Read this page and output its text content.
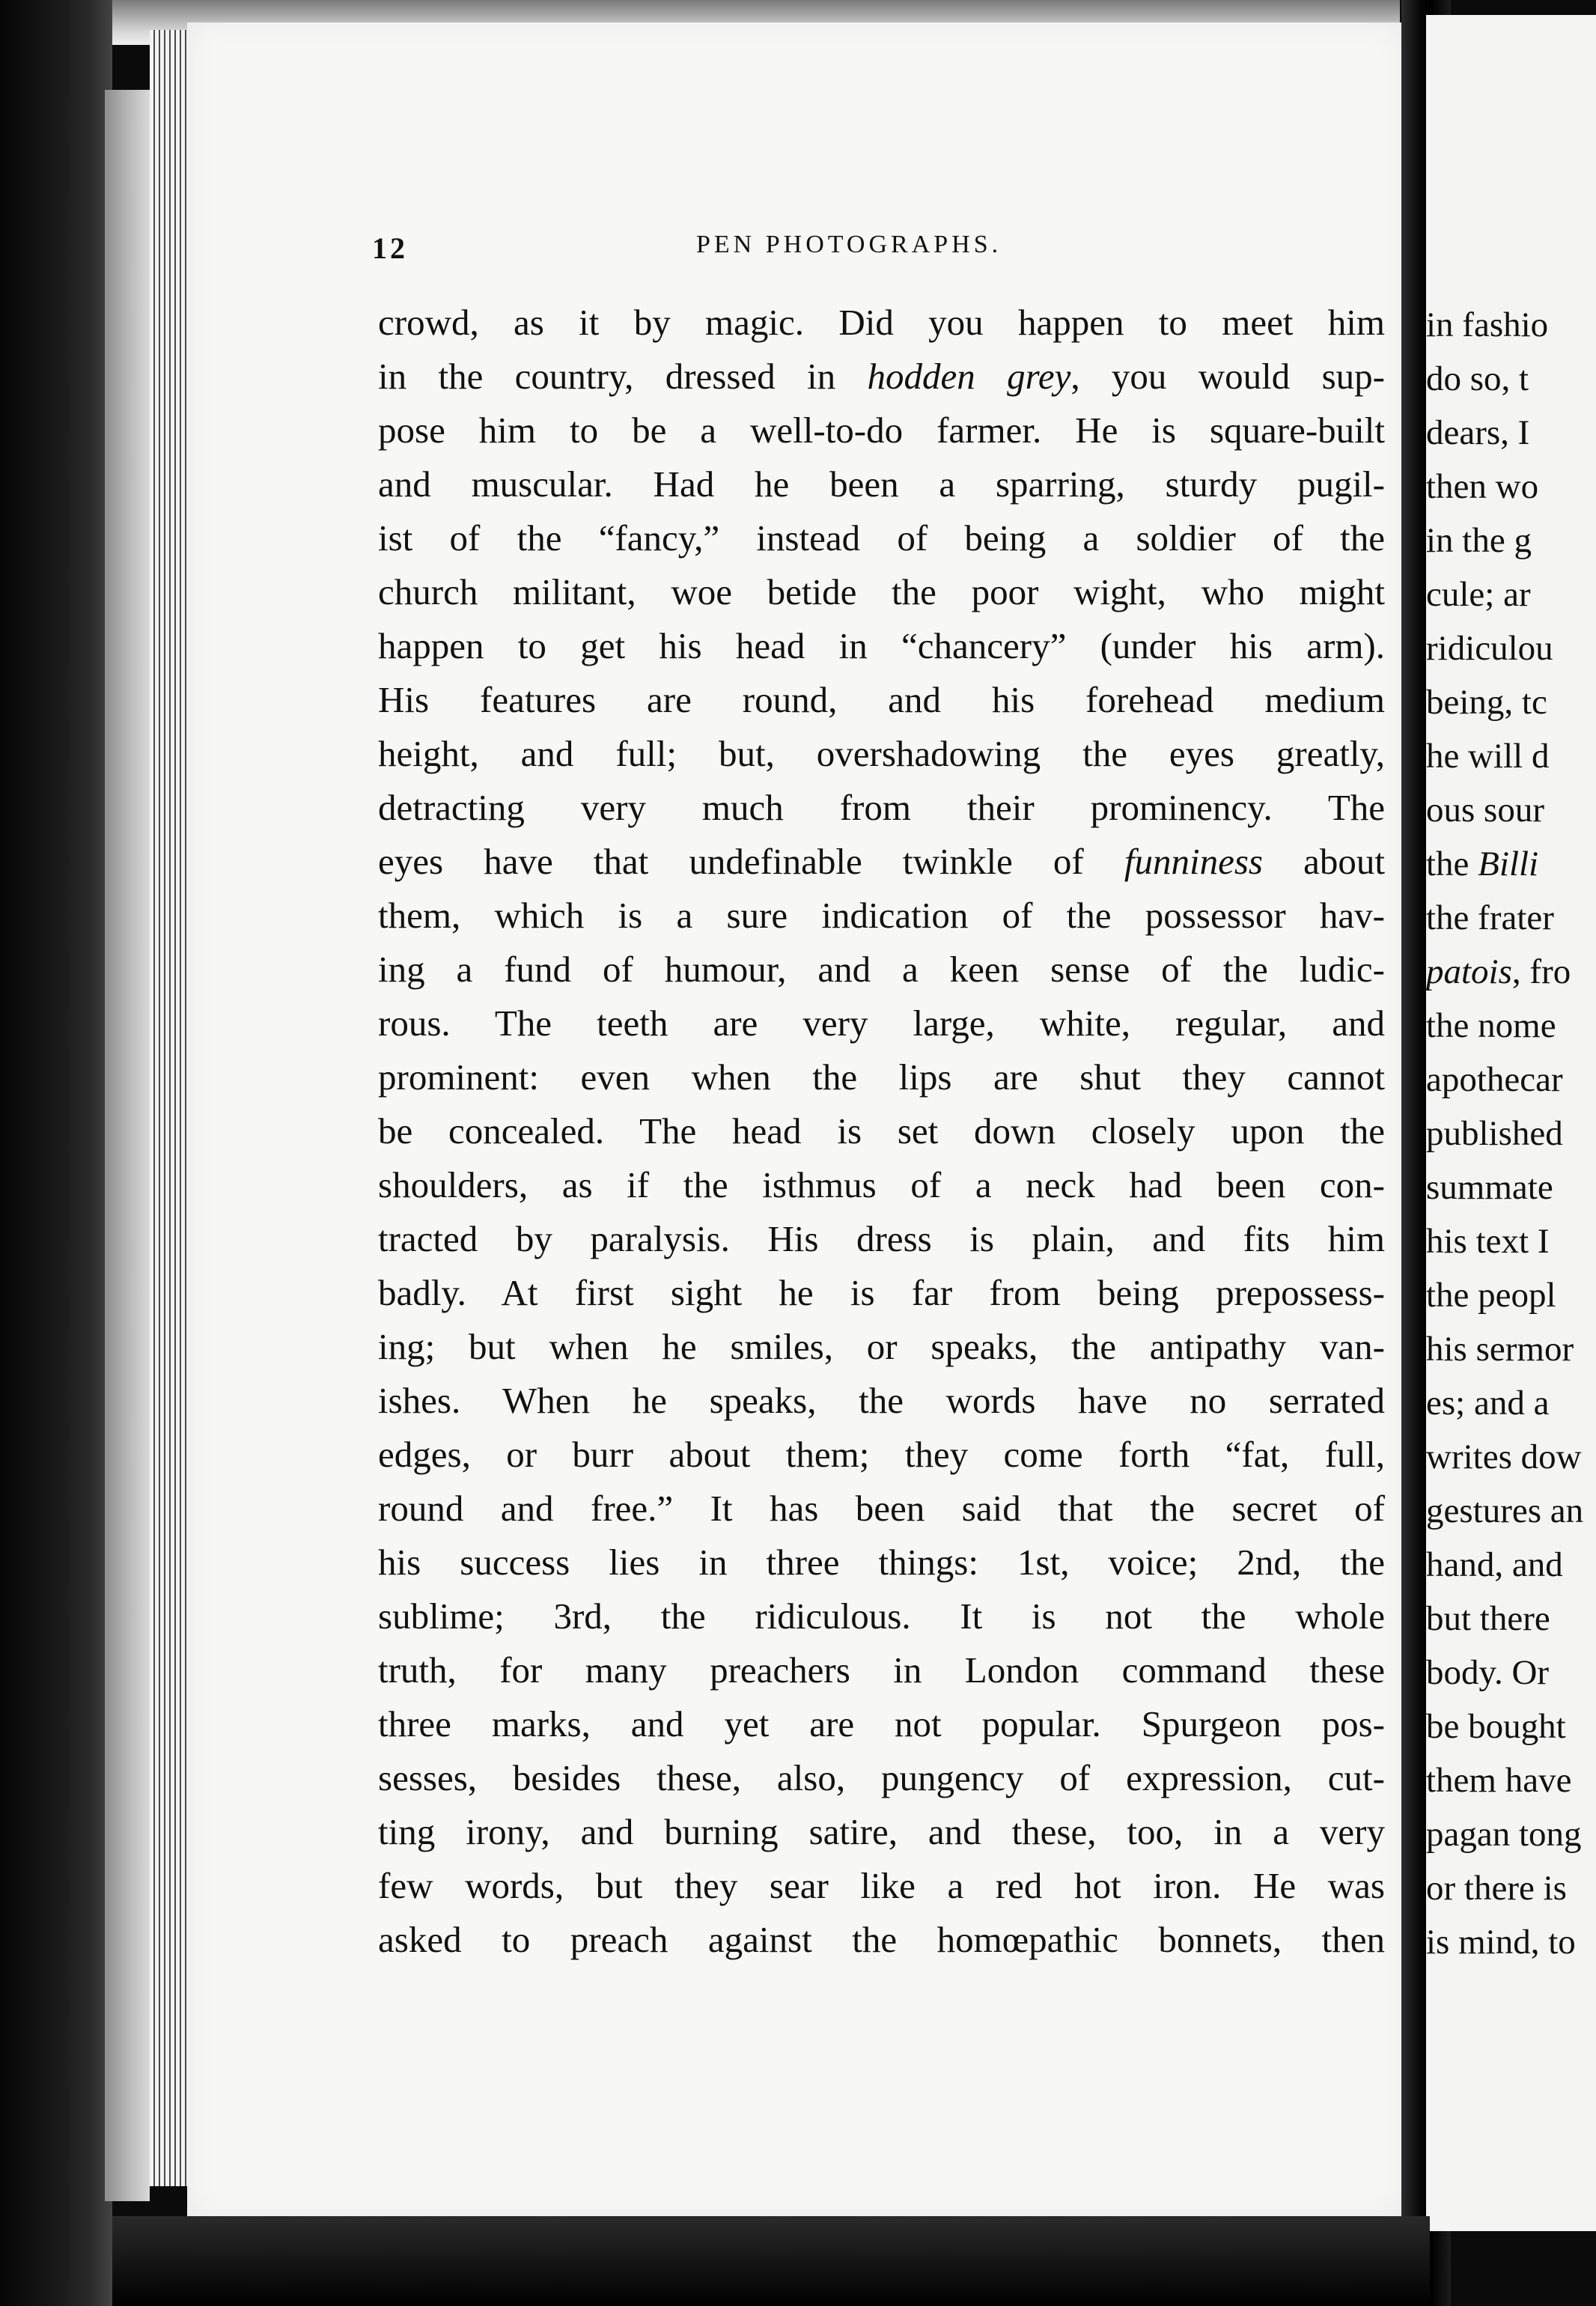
12	PEN PHOTOGRAPHS.
crowd, as it by magic. Did you happen to meet him
in the country, dressed in hodden grey, you would sup-
pose him to be a well-to-do farmer. He is square-built
and muscular. Had he been a sparring, sturdy pugil-
ist of the “fancy,” instead of being a soldier of the
church militant, woe betide the poor wight, who might
happen to get his head in “chancery” (under his arm).
His features are round, and his forehead medium
height, and full; but, overshadowing the eyes greatly,
detracting very much from their prominency. The
eyes have that undefinable twinkle of funniness about
them, which is a sure indication of the possessor hav-
ing a fund of humour, and a keen sense of the ludic-
rous. The teeth are very large, white, regular, and
prominent: even when the lips are shut they cannot
be concealed. The head is set down closely upon the
shoulders, as if the isthmus of a neck had been con-
tracted by paralysis. His dress is plain, and fits him
badly. At first sight he is far from being prepossess-
ing; but when he smiles, or speaks, the antipathy van-
ishes. When he speaks, the words have no serrated
edges, or burr about them; they come forth “fat, full,
round and free.” It has been said that the secret of
his success lies in three things: 1st, voice; 2nd, the
sublime; 3rd, the ridiculous. It is not the whole
truth, for many preachers in London command these
three marks, and yet are not popular. Spurgeon pos-
sesses, besides these, also, pungency of expression, cut-
ting irony, and burning satire, and these, too, in a very
few words, but they sear like a red hot iron. He was
asked to preach against the homœpathic bonnets, then
in fashio
do so, t
dears, I
then wo
in the g
cule; ar
ridiculou
being, tc
he will d
ous sour
the Billi
the frater
patois, fro
the nome
apothecar
published
summate
his text I
the peopl
his sermor
es; and a
writes dow
gestures an
hand, and
but there
body. Or
be bought
them have
pagan tong
or there is
is mind, to
